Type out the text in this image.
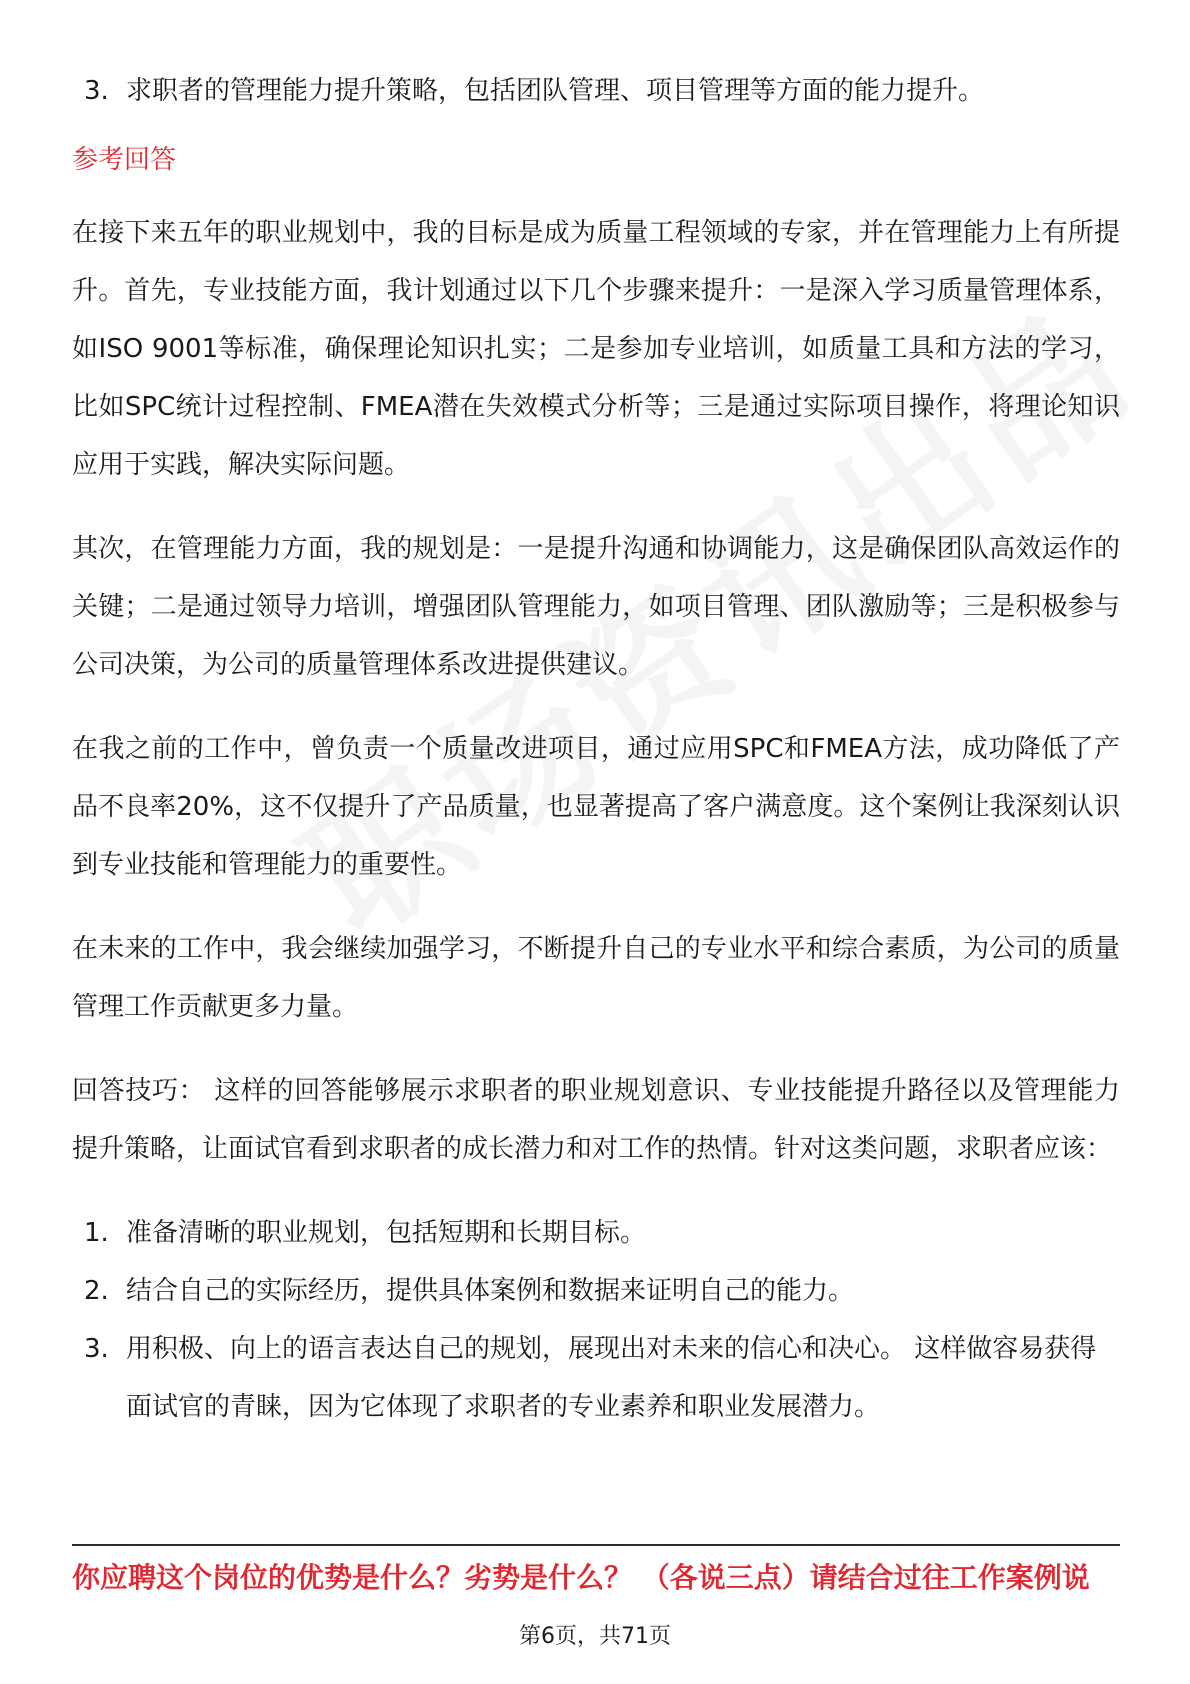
3. 求职者的管理能力提升策略，包括团队管理、项目管理等方面的能力提升。
参考回答

在接下来五年的职业规划中，我的目标是成为质量工程领域的专家，并在管理能力上有所提升。首先，专业技能方面，我计划通过以下几个步骤来提升：一是深入学习质量管理体系，如ISO 9001等标准，确保理论知识扎实；二是参加专业培训，如质量工具和方法的学习，比如SPC统计过程控制、FMEA潜在失效模式分析等；三是通过实际项目操作，将理论知识应用于实践，解决实际问题。

其次，在管理能力方面，我的规划是：一是提升沟通和协调能力，这是确保团队高效运作的关键；二是通过领导力培训，增强团队管理能力，如项目管理、团队激励等；三是积极参与公司决策，为公司的质量管理体系改进提供建议。

在我之前的工作中，曾负责一个质量改进项目，通过应用SPC和FMEA方法，成功降低了产品不良率20%，这不仅提升了产品质量，也显著提高了客户满意度。这个案例让我深刻认识到专业技能和管理能力的重要性。

在未来的工作中，我会继续加强学习，不断提升自己的专业水平和综合素质，为公司的质量管理工作贡献更多力量。

回答技巧： 这样的回答能够展示求职者的职业规划意识、专业技能提升路径以及管理能力提升策略，让面试官看到求职者的成长潜力和对工作的热情。针对这类问题，求职者应该：

1. 准备清晰的职业规划，包括短期和长期目标。
2. 结合自己的实际经历，提供具体案例和数据来证明自己的能力。
3. 用积极、向上的语言表达自己的规划，展现出对未来的信心和决心。 这样做容易获得面试官的青睐，因为它体现了求职者的专业素养和职业发展潜力。
你应聘这个岗位的优势是什么？劣势是什么？ （各说三点）请结合过往工作案例说
第6页，共71页
